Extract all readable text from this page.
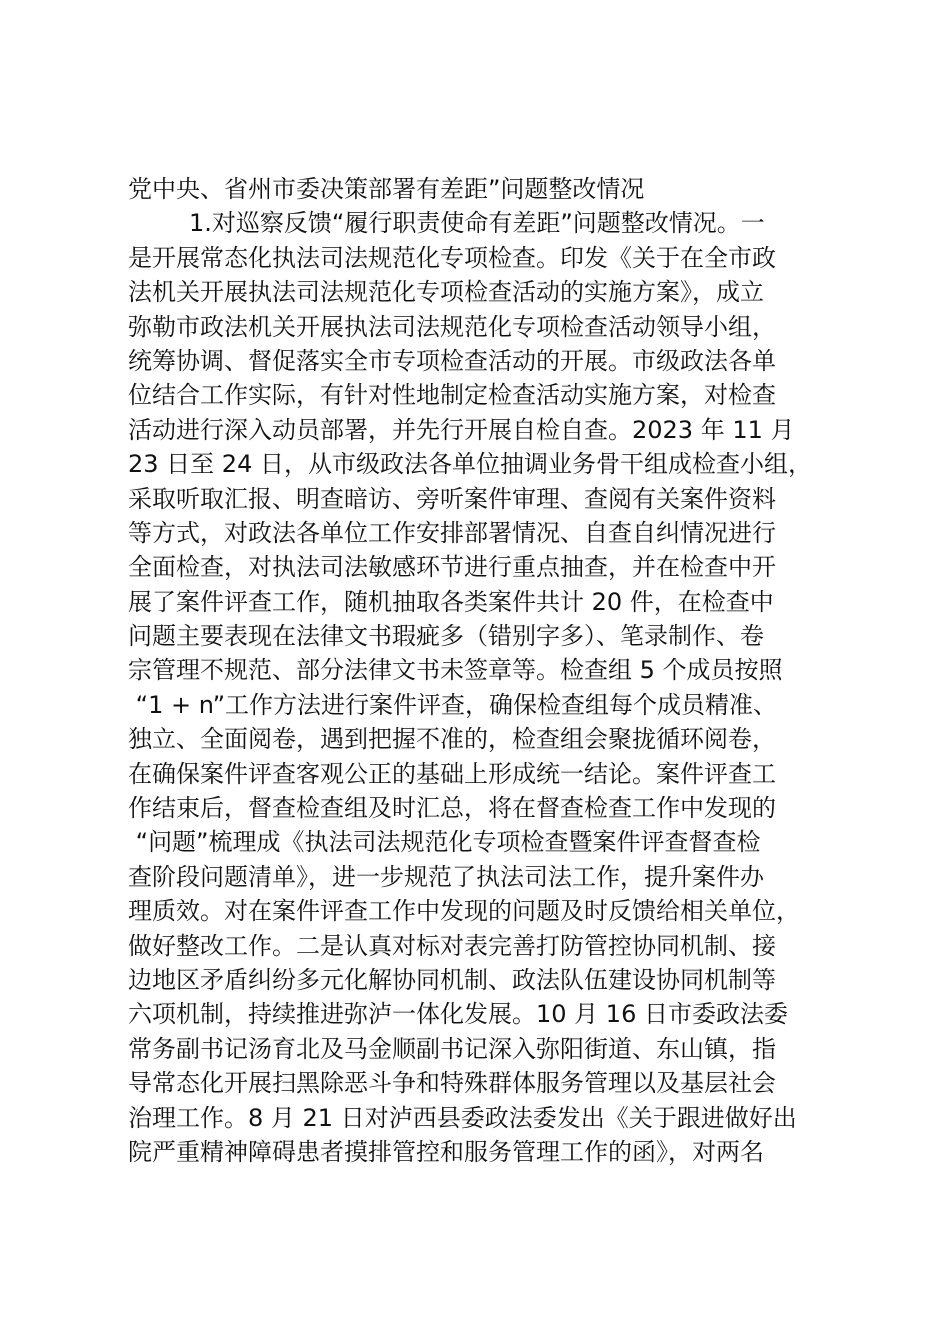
党中央、省州市委决策部署有差距”问题整改情况
1.对巡察反馈“履行职责使命有差距”问题整改情况。一
是开展常态化执法司法规范化专项检查。印发《关于在全市政
法机关开展执法司法规范化专项检查活动的实施方案》，成立
弥勒市政法机关开展执法司法规范化专项检查活动领导小组，
统筹协调、督促落实全市专项检查活动的开展。市级政法各单
位结合工作实际，有针对性地制定检查活动实施方案，对检查
活动进行深入动员部署，并先行开展自检自查。2023 年 11 月
23 日至 24 日，从市级政法各单位抽调业务骨干组成检查小组，
采取听取汇报、明查暗访、旁听案件审理、查阅有关案件资料
等方式，对政法各单位工作安排部署情况、自查自纠情况进行
全面检查，对执法司法敏感环节进行重点抽查，并在检查中开
展了案件评查工作，随机抽取各类案件共计 20 件，在检查中
问题主要表现在法律文书瑕疵多（错别字多）、笔录制作、卷
宗管理不规范、部分法律文书未签章等。检查组 5 个成员按照
“1 + n”工作方法进行案件评查，确保检查组每个成员精准、
独立、全面阅卷，遇到把握不准的，检查组会聚拢循环阅卷，
在确保案件评查客观公正的基础上形成统一结论。案件评查工
作结束后，督查检查组及时汇总，将在督查检查工作中发现的
“问题”梳理成《执法司法规范化专项检查暨案件评查督查检
查阶段问题清单》，进一步规范了执法司法工作，提升案件办
理质效。对在案件评查工作中发现的问题及时反馈给相关单位，
做好整改工作。二是认真对标对表完善打防管控协同机制、接
边地区矛盾纠纷多元化解协同机制、政法队伍建设协同机制等
六项机制，持续推进弥泸一体化发展。10 月 16 日市委政法委
常务副书记汤育北及马金顺副书记深入弥阳街道、东山镇，指
导常态化开展扫黑除恶斗争和特殊群体服务管理以及基层社会
治理工作。8 月 21 日对泸西县委政法委发出《关于跟进做好出
院严重精神障碍患者摸排管控和服务管理工作的函》，对两名
